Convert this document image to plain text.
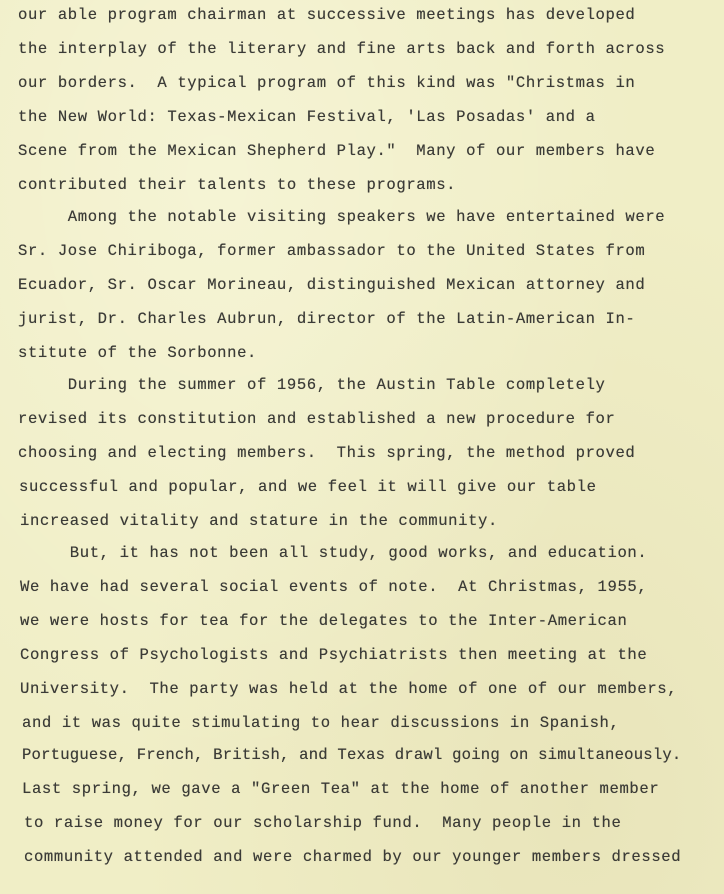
our able program chairman at successive meetings has developed
the interplay of the literary and fine arts back and forth across
our borders.  A typical program of this kind was "Christmas in
the New World: Texas-Mexican Festival, 'Las Posadas' and a
Scene from the Mexican Shepherd Play."  Many of our members have
contributed their talents to these programs.
Among the notable visiting speakers we have entertained were
Sr. Jose Chiriboga, former ambassador to the United States from
Ecuador, Sr. Oscar Morineau, distinguished Mexican attorney and
jurist, Dr. Charles Aubrun, director of the Latin-American In-
stitute of the Sorbonne.
During the summer of 1956, the Austin Table completely
revised its constitution and established a new procedure for
choosing and electing members.  This spring, the method proved
successful and popular, and we feel it will give our table
increased vitality and stature in the community.
But, it has not been all study, good works, and education.
We have had several social events of note.  At Christmas, 1955,
we were hosts for tea for the delegates to the Inter-American
Congress of Psychologists and Psychiatrists then meeting at the
University.  The party was held at the home of one of our members,
and it was quite stimulating to hear discussions in Spanish,
Portuguese, French, British, and Texas drawl going on simultaneously.
Last spring, we gave a "Green Tea" at the home of another member
to raise money for our scholarship fund.  Many people in the
community attended and were charmed by our younger members dressed
